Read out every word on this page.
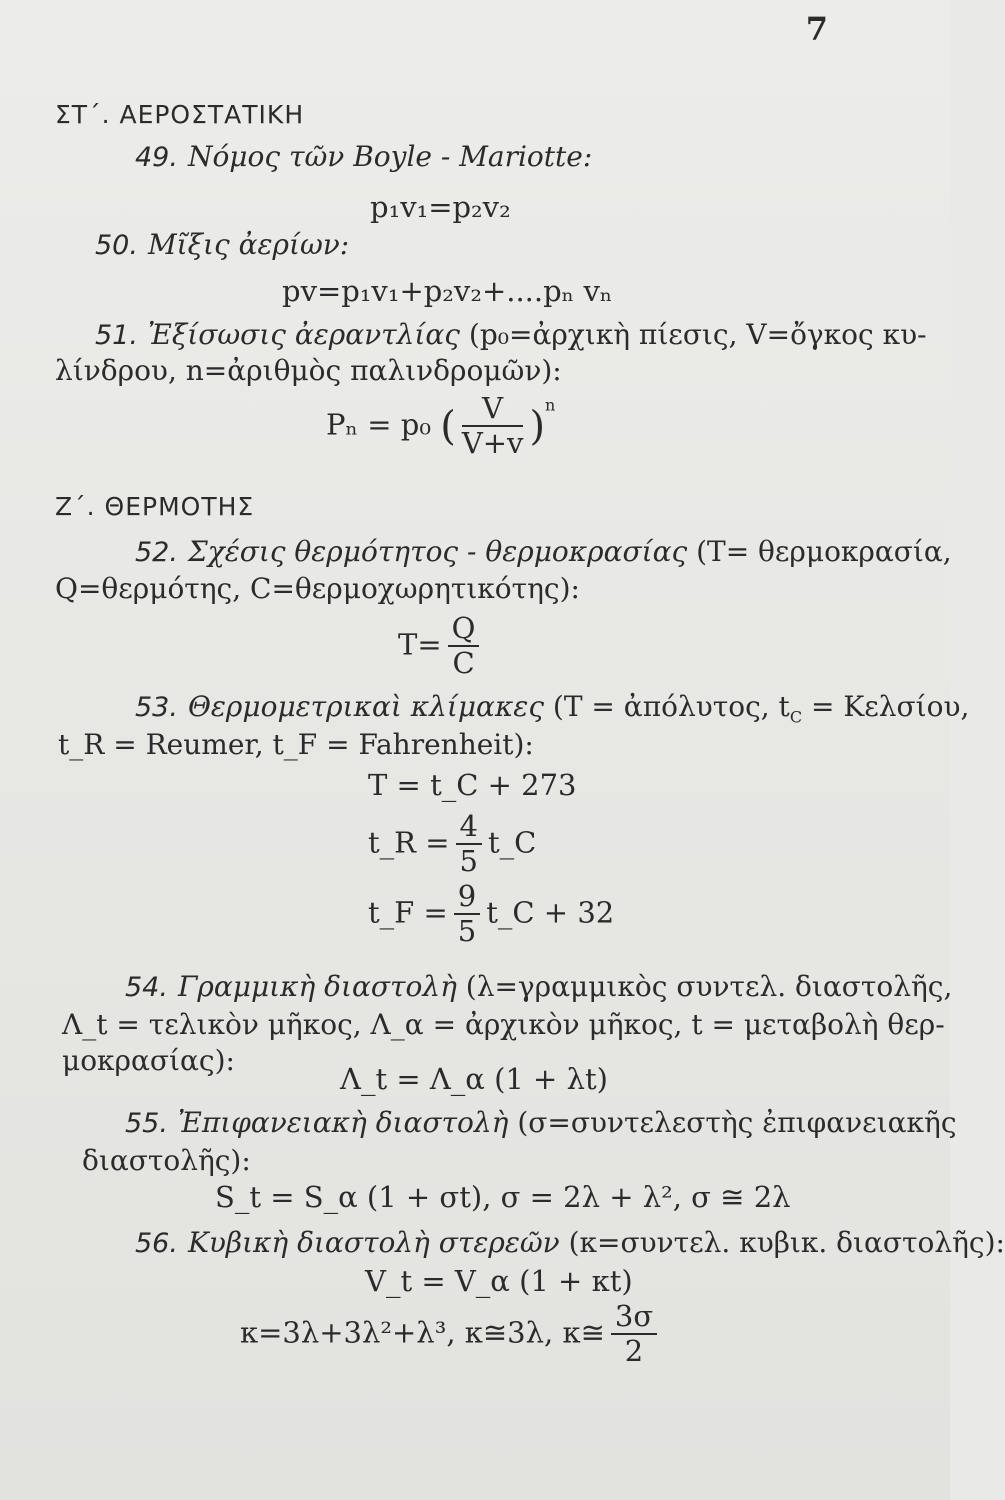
7
ΣΤ΄. ΑΕΡΟΣΤΑΤΙΚΗ
49. Νόμος τῶν Boyle - Mariotte:
p₁v₁=p₂v₂
50. Μῖξις ἀερίων:
pv=p₁v₁+p₂v₂+....pₙ vₙ
51. Ἐξίσωσις ἀεραντλίας (p₀=ἀρχικὴ πίεσις, V=ὄγκος κυ-
λίνδρου, n=ἀριθμὸς παλινδρομῶν):
Pₙ = p₀ ( $\frac{V}{V+v} )^n$
Ζ΄. ΘΕΡΜΟΤΗΣ
52. Σχέσις θερμότητος - θερμοκρασίας (T= θερμοκρασία,
Q=θερμότης, C=θερμοχωρητικότης):
$T= \frac{Q}{C}$
53. Θερμομετρικαὶ κλίμακες (T = ἀπόλυτος, $t_C = K\varepsilon\lambda\sigma ίo\upsilon$,
t_R = Reumer, t_F = Fahrenheit):
T = t_C + 273
t_R = $\frac{4}{5}$ t_C
t_F = $\frac{9}{5}$ t_C + 32
54. Γραμμικὴ διαστολὴ (λ=γραμμικὸς συντελ. διαστολῆς,
Λ_t = τελικὸν μῆκος, Λ_α = ἀρχικὸν μῆκος, t = μεταβολὴ θερ-
μοκρασίας):
Λ_t = Λ_α (1 + λt)
55. Ἐπιφανειακὴ διαστολὴ (σ=συντελεστὴς ἐπιφανειακῆς
διαστολῆς):
S_t = S_α (1 + σt), σ = 2λ + λ², σ ≅ 2λ
56. Κυβικὴ διαστολὴ στερεῶν (κ=συντελ. κυβικ. διαστολῆς):
V_t = V_α (1 + κt)
κ=3λ+3λ²+λ³, κ≅3λ, κ≅ $\frac{3\sigma}{2}$
